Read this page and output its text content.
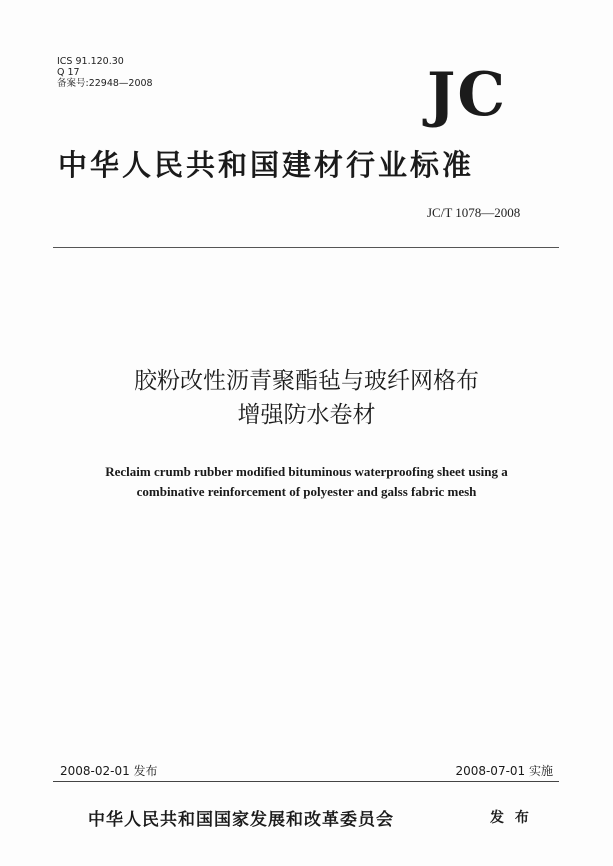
ICS 91.120.30
Q 17
备案号:22948—2008	JC
中华人民共和国建材行业标准
JC/T 1078—2008
胶粉改性沥青聚酯毡与玻纤网格布
增强防水卷材
Reclaim crumb rubber modified bituminous waterproofing sheet using a
combinative reinforcement of polyester and galss fabric mesh
2008-02-01 发布	2008-07-01 实施
中华人民共和国国家发展和改革委员会	发 布
